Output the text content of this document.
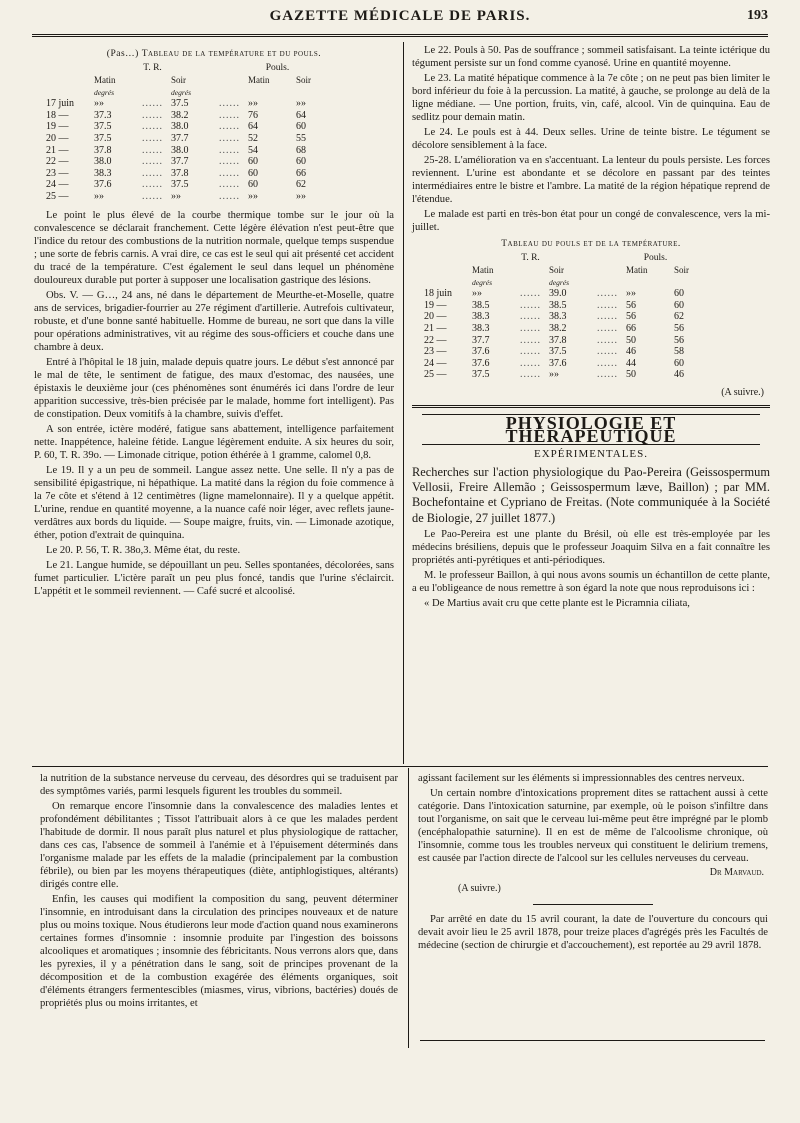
GAZETTE MÉDICALE DE PARIS.	193
(Pas…) Tableau de la température et du pouls.
	T. R.			Pouls.		
	Matin		Soir		Matin	Soir
	degrés		degrés			
17 juin	»»	......	37.5	......	»»	»»
18 —	37.3	......	38.2	......	76	64
19 —	37.5	......	38.0	......	64	60
20 —	37.5	......	37.7	......	52	55
21 —	37.8	......	38.0	......	54	68
22 —	38.0	......	37.7	......	60	60
23 —	38.3	......	37.8	......	60	66
24 —	37.6	......	37.5	......	60	62
25 —	»»	......	»»	......	»»	»»

Le point le plus élevé de la courbe thermique tombe sur le jour où la convalescence se déclarait franchement. Cette légère élévation n'est peut-être que l'indice du retour des combustions de la nutrition normale, quelque temps suspendue ; une sorte de febris carnis. A vrai dire, ce cas est le seul qui ait présenté cet accident du tracé de la température. C'est également le seul dans lequel un phénomène douloureux durable put porter à supposer une localisation gastrique des lésions.

Obs. V. — G…, 24 ans, né dans le département de Meurthe-et-Moselle, quatre ans de services, brigadier-fourrier au 27e régiment d'artillerie. Autrefois cultivateur, robuste, et d'une bonne santé habituelle. Homme de bureau, ne sort que dans la ville pour opérations administratives, vit au régime des sous-officiers et couche dans une chambre à deux.

Entré à l'hôpital le 18 juin, malade depuis quatre jours. Le début s'est annoncé par le mal de tête, le sentiment de fatigue, des maux d'estomac, des nausées, une épistaxis le deuxième jour (ces phénomènes sont énumérés ici dans l'ordre de leur apparition successive, très-bien précisée par le malade, homme fort intelligent). Pas de constipation. Deux vomitifs à la chambre, suivis d'effet.

A son entrée, ictère modéré, fatigue sans abattement, intelligence parfaitement nette. Inappétence, haleine fétide. Langue légèrement enduite. A six heures du soir, P. 60, T. R. 39o. — Limonade citrique, potion éthérée à 1 gramme, calomel 0,8.

Le 19. Il y a un peu de sommeil. Langue assez nette. Une selle. Il n'y a pas de sensibilité épigastrique, ni hépathique. La matité dans la région du foie commence à la 7e côte et s'étend à 12 centimètres (ligne mamelonnaire). Il y a quelque appétit. L'urine, rendue en quantité moyenne, a la nuance café noir léger, avec reflets jaune-verdâtres aux bords du liquide. — Soupe maigre, fruits, vin. — Limonade azotique, éther, potion d'extrait de quinquina.

Le 20. P. 56, T. R. 38o,3. Même état, du reste.

Le 21. Langue humide, se dépouillant un peu. Selles spontanées, décolorées, sans fumet particulier. L'ictère paraît un peu plus foncé, tandis que l'urine s'éclaircit. L'appétit et le sommeil reviennent. — Café sucré et alcoolisé.

Le 22. Pouls à 50. Pas de souffrance ; sommeil satisfaisant. La teinte ictérique du tégument persiste sur un fond comme cyanosé. Urine en quantité moyenne.

Le 23. La matité hépatique commence à la 7e côte ; on ne peut pas bien limiter le bord inférieur du foie à la percussion. La matité, à gauche, se prolonge au delà de la ligne médiane. — Une portion, fruits, vin, café, alcool. Vin de quinquina. Eau de sedlitz pour demain matin.

Le 24. Le pouls est à 44. Deux selles. Urine de teinte bistre. Le tégument se décolore sensiblement à la face.

25-28. L'amélioration va en s'accentuant. La lenteur du pouls persiste. Les forces reviennent. L'urine est abondante et se décolore en passant par des teintes intermédiaires entre le bistre et l'ambre. La matité de la région hépatique reprend de l'étendue.

Le malade est parti en très-bon état pour un congé de convalescence, vers la mi-juillet.

Tableau du pouls et de la température.
	T. R.			Pouls.		
	Matin		Soir		Matin	Soir
	degrés		degrés			
18 juin	»»	......	39.0	......	»»	60
19 —	38.5	......	38.5	......	56	60
20 —	38.3	......	38.3	......	56	62
21 —	38.3	......	38.2	......	66	56
22 —	37.7	......	37.8	......	50	56
23 —	37.6	......	37.5	......	46	58
24 —	37.6	......	37.6	......	44	60
25 —	37.5	......	»»	......	50	46
(A suivre.)
PHYSIOLOGIE ET THÉRAPEUTIQUE
EXPÉRIMENTALES.

Recherches sur l'action physiologique du Pao-Pereira (Geissospermum Vellosii, Freire Allemão ; Geissospermum læve, Baillon) ; par MM. Bochefontaine et Cypriano de Freitas. (Note communiquée à la Société de Biologie, 27 juillet 1877.)

Le Pao-Pereira est une plante du Brésil, où elle est très-employée par les médecins brésiliens, depuis que le professeur Joaquim Silva en a fait connaître les propriétés anti-pyrétiques et anti-périodiques.

M. le professeur Baillon, à qui nous avons soumis un échantillon de cette plante, a eu l'obligeance de nous remettre à son égard la note que nous reproduisons ici :

« De Martius avait cru que cette plante est le Picramnia ciliata,

la nutrition de la substance nerveuse du cerveau, des désordres qui se traduisent par des symptômes variés, parmi lesquels figurent les troubles du sommeil.

On remarque encore l'insomnie dans la convalescence des maladies lentes et profondément débilitantes ; Tissot l'attribuait alors à ce que les malades perdent l'habitude de dormir. Il nous paraît plus naturel et plus physiologique de rattacher, dans ces cas, l'absence de sommeil à l'anémie et à l'épuisement déterminés dans l'organisme malade par les effets de la maladie (principalement par la combustion fébrile), ou bien par les moyens thérapeutiques (diète, antiphlogistiques, altérants) dirigés contre elle.

Enfin, les causes qui modifient la composition du sang, peuvent déterminer l'insomnie, en introduisant dans la circulation des principes nouveaux et de nature plus ou moins toxique. Nous étudierons leur mode d'action quand nous examinerons certaines formes d'insomnie : insomnie produite par l'ingestion des boissons alcooliques et aromatiques ; insomnie des fébricitants. Nous verrons alors que, dans les pyrexies, il y a pénétration dans le sang, soit de principes provenant de la décomposition et de la combustion exagérée des éléments organiques, soit d'éléments étrangers fermentescibles (miasmes, virus, vibrions, bactéries) doués de propriétés plus ou moins irritantes, et

agissant facilement sur les éléments si impressionnables des centres nerveux.

Un certain nombre d'intoxications proprement dites se rattachent aussi à cette catégorie. Dans l'intoxication saturnine, par exemple, où le poison s'infiltre dans tout l'organisme, on sait que le cerveau lui-même peut être imprégné par le plomb (encéphalopathie saturnine). Il en est de même de l'alcoolisme chronique, où l'insomnie, comme tous les troubles nerveux qui constituent le delirium tremens, est causée par l'action directe de l'alcool sur les cellules nerveuses du cerveau.

Dr Marvaud.
(A suivre.)

Par arrêté en date du 15 avril courant, la date de l'ouverture du concours qui devait avoir lieu le 25 avril 1878, pour treize places d'agrégés près les Facultés de médecine (section de chirurgie et d'accouchement), est reportée au 29 avril 1878.
